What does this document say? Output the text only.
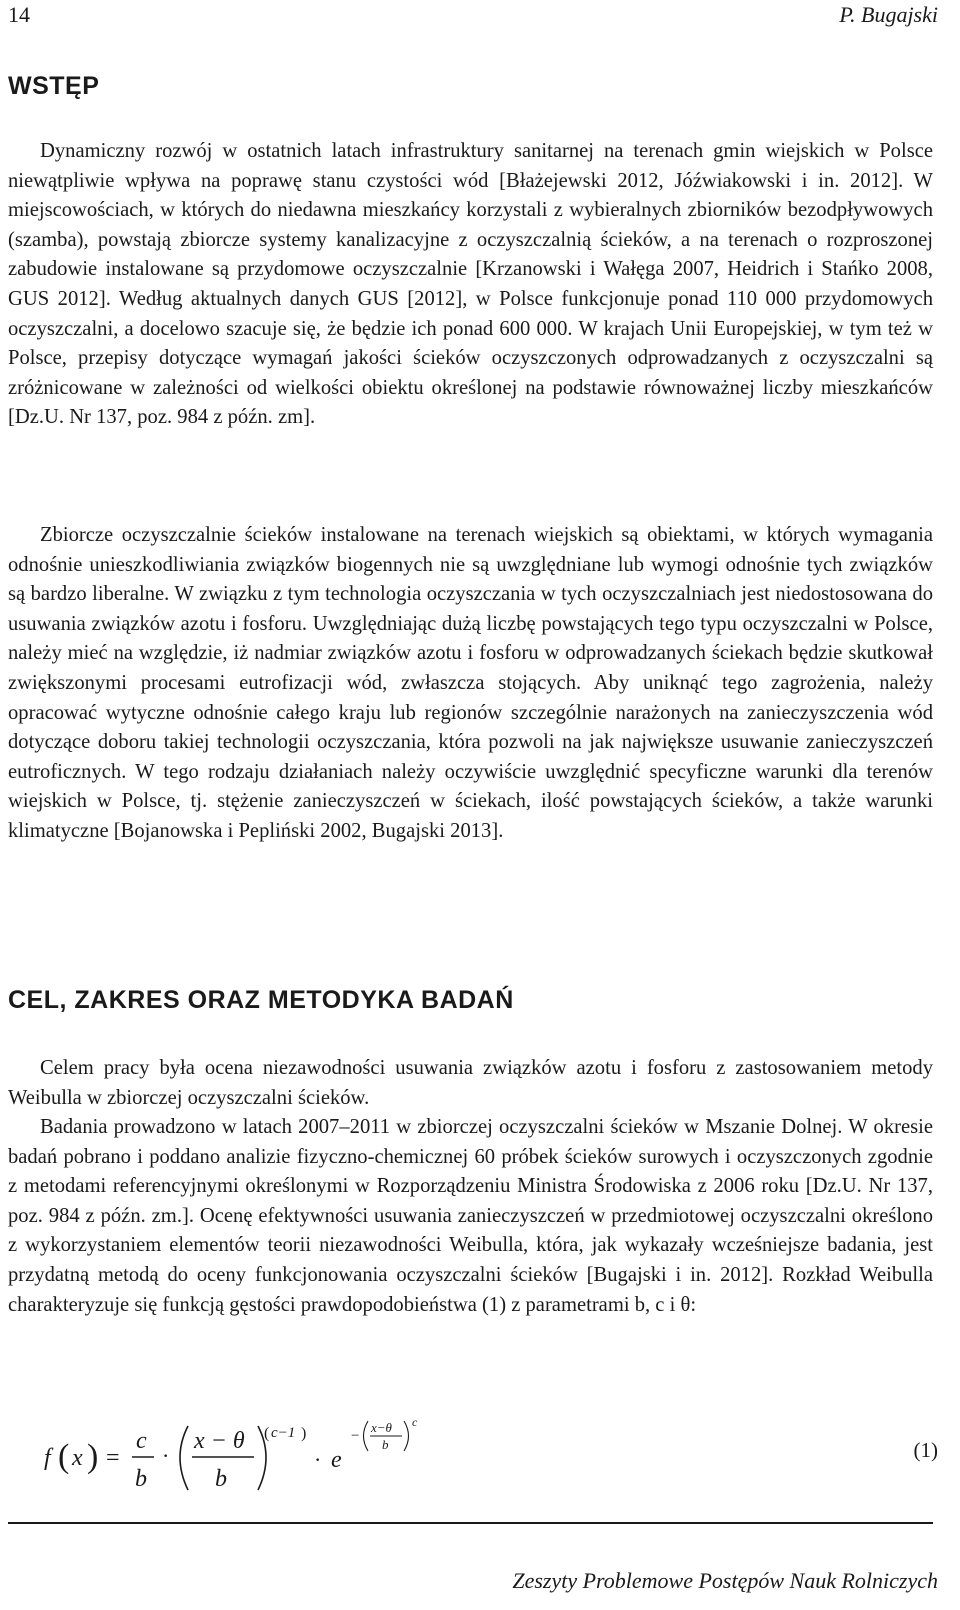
14	P. Bugajski
WSTĘP

Dynamiczny rozwój w ostatnich latach infrastruktury sanitarnej na terenach gmin wiejskich w Polsce niewątpliwie wpływa na poprawę stanu czystości wód [Błażejewski 2012, Jóźwiakowski i in. 2012]. W miejscowościach, w których do niedawna mieszkańcy korzystali z wybieralnych zbiorników bezodpływowych (szamba), powstają zbiorcze systemy kanalizacyjne z oczyszczalnią ścieków, a na terenach o rozproszonej zabudowie instalowane są przydomowe oczyszczalnie [Krzanowski i Wałęga 2007, Heidrich i Stańko 2008, GUS 2012]. Według aktualnych danych GUS [2012], w Polsce funkcjonuje ponad 110 000 przydomowych oczyszczalni, a docelowo szacuje się, że będzie ich ponad 600 000. W krajach Unii Europejskiej, w tym też w Polsce, przepisy dotyczące wymagań jakości ścieków oczyszczonych odprowadzanych z oczyszczalni są zróżnicowane w zależności od wielkości obiektu określonej na podstawie równoważnej liczby mieszkańców [Dz.U. Nr 137, poz. 984 z późn. zm].

Zbiorcze oczyszczalnie ścieków instalowane na terenach wiejskich są obiektami, w których wymagania odnośnie unieszkodliwiania związków biogennych nie są uwzględniane lub wymogi odnośnie tych związków są bardzo liberalne. W związku z tym technologia oczyszczania w tych oczyszczalniach jest niedostosowana do usuwania związków azotu i fosforu. Uwzględniając dużą liczbę powstających tego typu oczyszczalni w Polsce, należy mieć na względzie, iż nadmiar związków azotu i fosforu w odprowadzanych ściekach będzie skutkował zwiększonymi procesami eutrofizacji wód, zwłaszcza stojących. Aby uniknąć tego zagrożenia, należy opracować wytyczne odnośnie całego kraju lub regionów szczególnie narażonych na zanieczyszczenia wód dotyczące doboru takiej technologii oczyszczania, która pozwoli na jak największe usuwanie zanieczyszczeń eutroficznych. W tego rodzaju działaniach należy oczywiście uwzględnić specyficzne warunki dla terenów wiejskich w Polsce, tj. stężenie zanieczyszczeń w ściekach, ilość powstających ścieków, a także warunki klimatyczne [Bojanowska i Pepliński 2002, Bugajski 2013].

CEL, ZAKRES ORAZ METODYKA BADAŃ

Celem pracy była ocena niezawodności usuwania związków azotu i fosforu z zastosowaniem metody Weibulla w zbiorczej oczyszczalni ścieków.

Badania prowadzono w latach 2007–2011 w zbiorczej oczyszczalni ścieków w Mszanie Dolnej. W okresie badań pobrano i poddano analizie fizyczno-chemicznej 60 próbek ścieków surowych i oczyszczonych zgodnie z metodami referencyjnymi określonymi w Rozporządzeniu Ministra Środowiska z 2006 roku [Dz.U. Nr 137, poz. 984 z późn. zm.]. Ocenę efektywności usuwania zanieczyszczeń w przedmiotowej oczyszczalni określono z wykorzystaniem elementów teorii niezawodności Weibulla, która, jak wykazały wcześniejsze badania, jest przydatną metodą do oceny funkcjonowania oczyszczalni ścieków [Bugajski i in. 2012]. Rozkład Weibulla charakteryzuje się funkcją gęstości prawdopodobieństwa (1) z parametrami b, c i θ:

f ( x ) =
c
b
·
x − θ
b
( c−1 )
· e
−
x−θ
b
c
(1)
Zeszyty Problemowe Postępów Nauk Rolniczych
